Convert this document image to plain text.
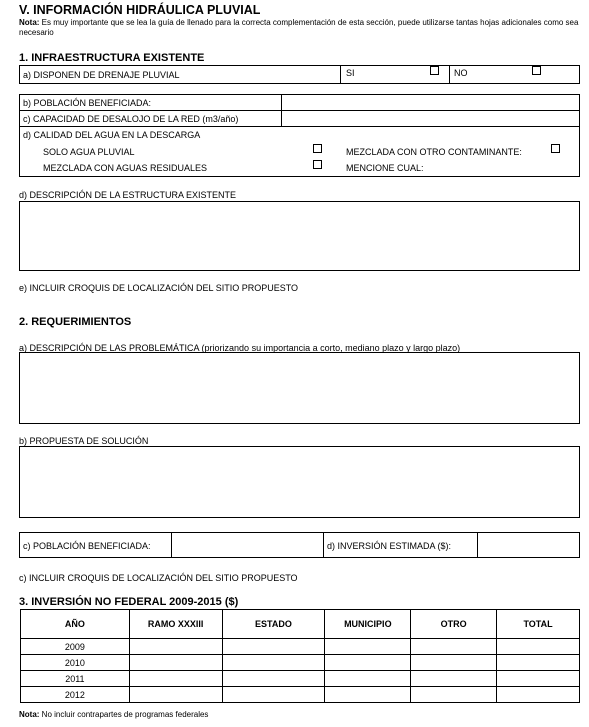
V. INFORMACIÓN HIDRÁULICA PLUVIAL
Nota: Es muy importante que se lea la guía de llenado para la correcta complementación de esta sección, puede utilizarse tantas hojas adicionales como sea necesario
1. INFRAESTRUCTURA EXISTENTE
a) DISPONEN DE DRENAJE PLUVIAL	SI	NO
b) POBLACIÓN BENEFICIADA:
c) CAPACIDAD DE DESALOJO DE LA RED (m3/año)
d) CALIDAD DEL AGUA EN LA DESCARGA
SOLO AGUA PLUVIAL	MEZCLADA CON OTRO CONTAMINANTE:
MEZCLADA CON AGUAS RESIDUALES	MENCIONE CUAL:
d) DESCRIPCIÓN DE LA ESTRUCTURA EXISTENTE
e) INCLUIR CROQUIS DE LOCALIZACIÓN DEL SITIO PROPUESTO
2. REQUERIMIENTOS
a) DESCRIPCIÓN DE LAS PROBLEMÁTICA (priorizando su importancia a corto, mediano plazo y largo plazo)
b) PROPUESTA DE SOLUCIÓN
c) POBLACIÓN BENEFICIADA:	d) INVERSIÓN ESTIMADA ($):
c) INCLUIR CROQUIS DE LOCALIZACIÓN DEL SITIO PROPUESTO
3. INVERSIÓN NO FEDERAL 2009-2015 ($)
AÑO	RAMO XXXIII	ESTADO	MUNICIPIO	OTRO	TOTAL
2009					
2010					
2011					
2012					
Nota: No incluir contrapartes de programas federales
